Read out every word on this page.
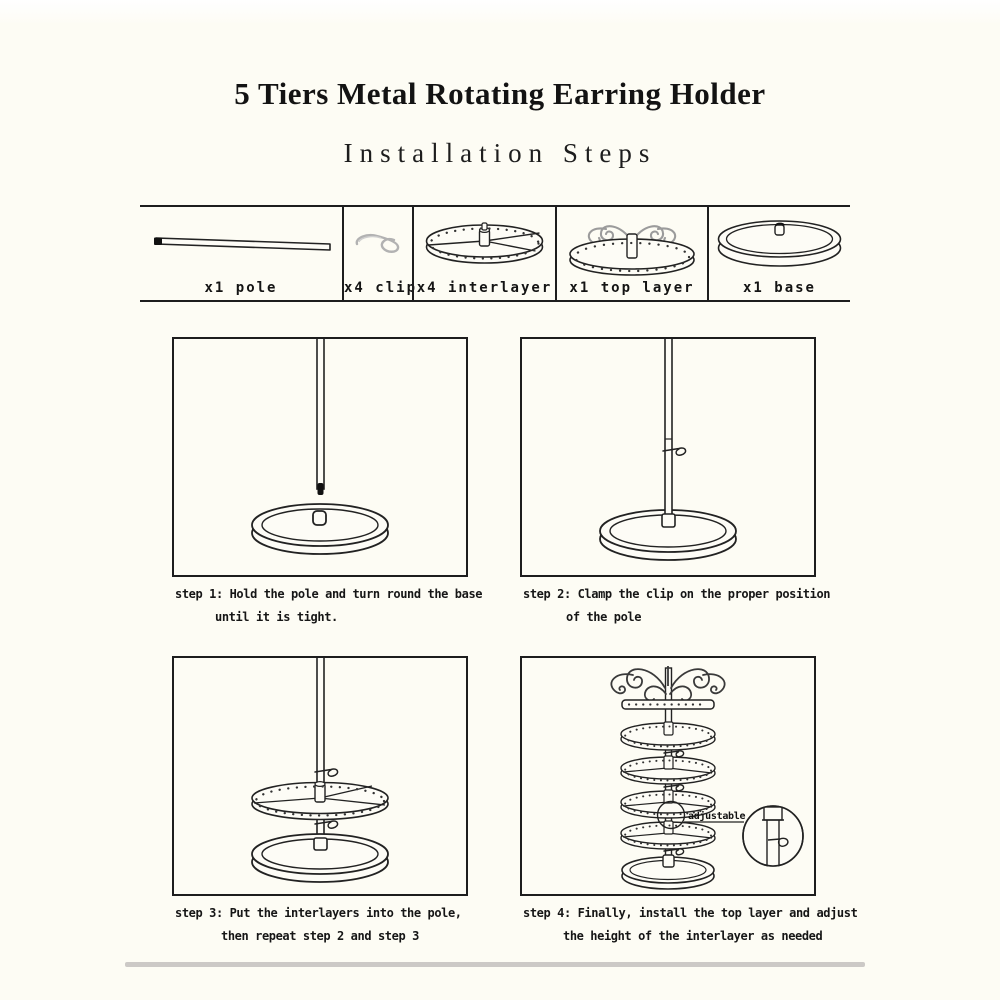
5 Tiers Metal Rotating Earring Holder
Installation Steps
x1 pole	x4 clip x4 interlayer	x1 top layer	x1 base
step 1: Hold the pole and turn round the base
until it is tight.
step 2: Clamp the clip on the proper position
of the pole
step 3: Put the interlayers into the pole,
then repeat step 2 and step 3
adjustable
step 4: Finally, install the top layer and adjust
the height of the interlayer as needed
